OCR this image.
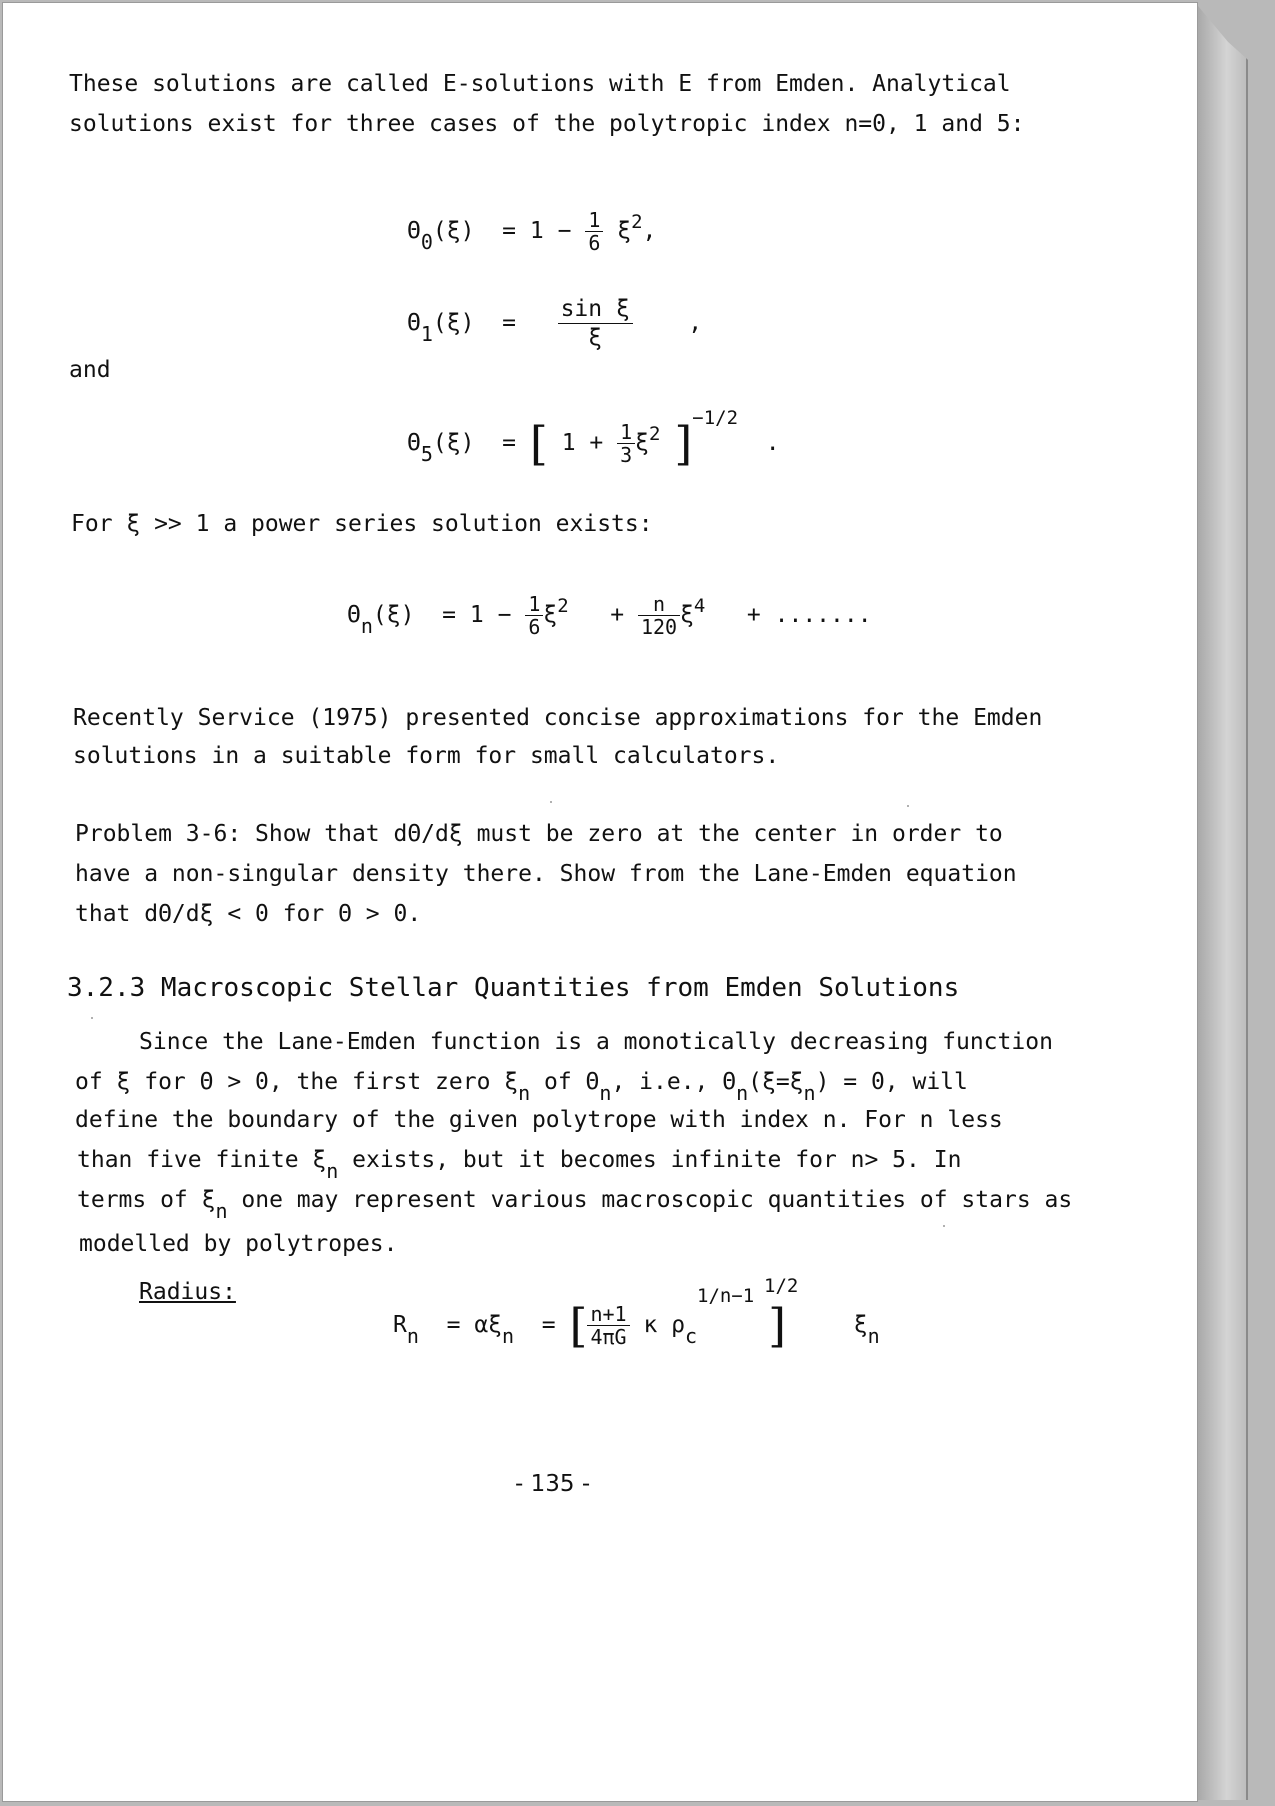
These solutions are called E-solutions with E from Emden. Analytical
solutions exist for three cases of the polytropic index n=0, 1 and 5:
$\Theta 0(\xi) = 1 - \frac{1}{6} \xi^2$,
$\Theta 1(\xi) = \frac{\text{sin ξ}}{\xi}$ ,
and
Θ5(ξ) = [ $1 + \frac{1}{3} \xi^2$ ]$^{-1/2}$  .
For ξ >> 1 a power series solution exists:
$\Theta n(\xi) = 1 - \frac{1}{6} \xi^2 + \frac{n}{120} \xi^4$ + .......
Recently Service (1975) presented concise approximations for the Emden
solutions in a suitable form for small calculators.
Problem 3-6: Show that dΘ/dξ must be zero at the center in order to
have a non-singular density there. Show from the Lane-Emden equation
that dΘ/dξ < 0 for Θ > 0.
3.2.3 Macroscopic Stellar Quantities from Emden Solutions
Since the Lane-Emden function is a monotically decreasing function
of ξ for Θ > 0, the first zero ξn of Θn, i.e., Θn(ξ=ξn) = 0, will
define the boundary of the given polytrope with index n. For n less
than five finite ξn exists, but it becomes infinite for n> 5. In
terms of ξn one may represent various macroscopic quantities of stars as
modelled by polytropes.
Radius:
Rn = αξn = [ $\frac{n+1}{4\pi G}$ κ $\rho c^{1/n-1}$ ]$^{1/2}$    ξn
- 135 -
